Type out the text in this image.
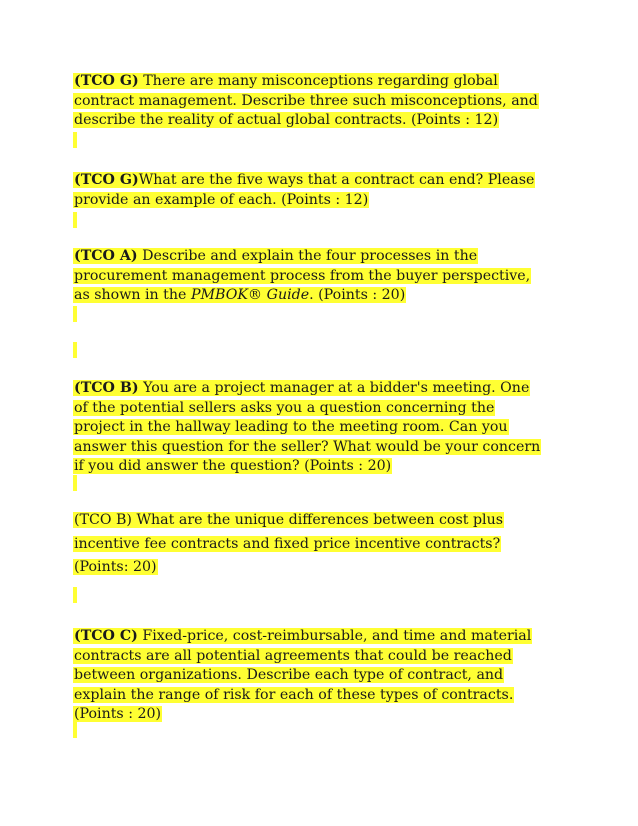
(TCO G) There are many misconceptions regarding global contract management. Describe three such misconceptions, and describe the reality of actual global contracts. (Points : 12)

(TCO G)What are the five ways that a contract can end? Please provide an example of each. (Points : 12)

(TCO A) Describe and explain the four processes in the procurement management process from the buyer perspective, as shown in the PMBOK® Guide. (Points : 20)

(TCO B) You are a project manager at a bidder's meeting. One of the potential sellers asks you a question concerning the project in the hallway leading to the meeting room. Can you answer this question for the seller? What would be your concern if you did answer the question? (Points : 20)

(TCO B) What are the unique differences between cost plus incentive fee contracts and fixed price incentive contracts? (Points: 20)

(TCO C) Fixed-price, cost-reimbursable, and time and material contracts are all potential agreements that could be reached between organizations. Describe each type of contract, and explain the range of risk for each of these types of contracts. (Points : 20)
